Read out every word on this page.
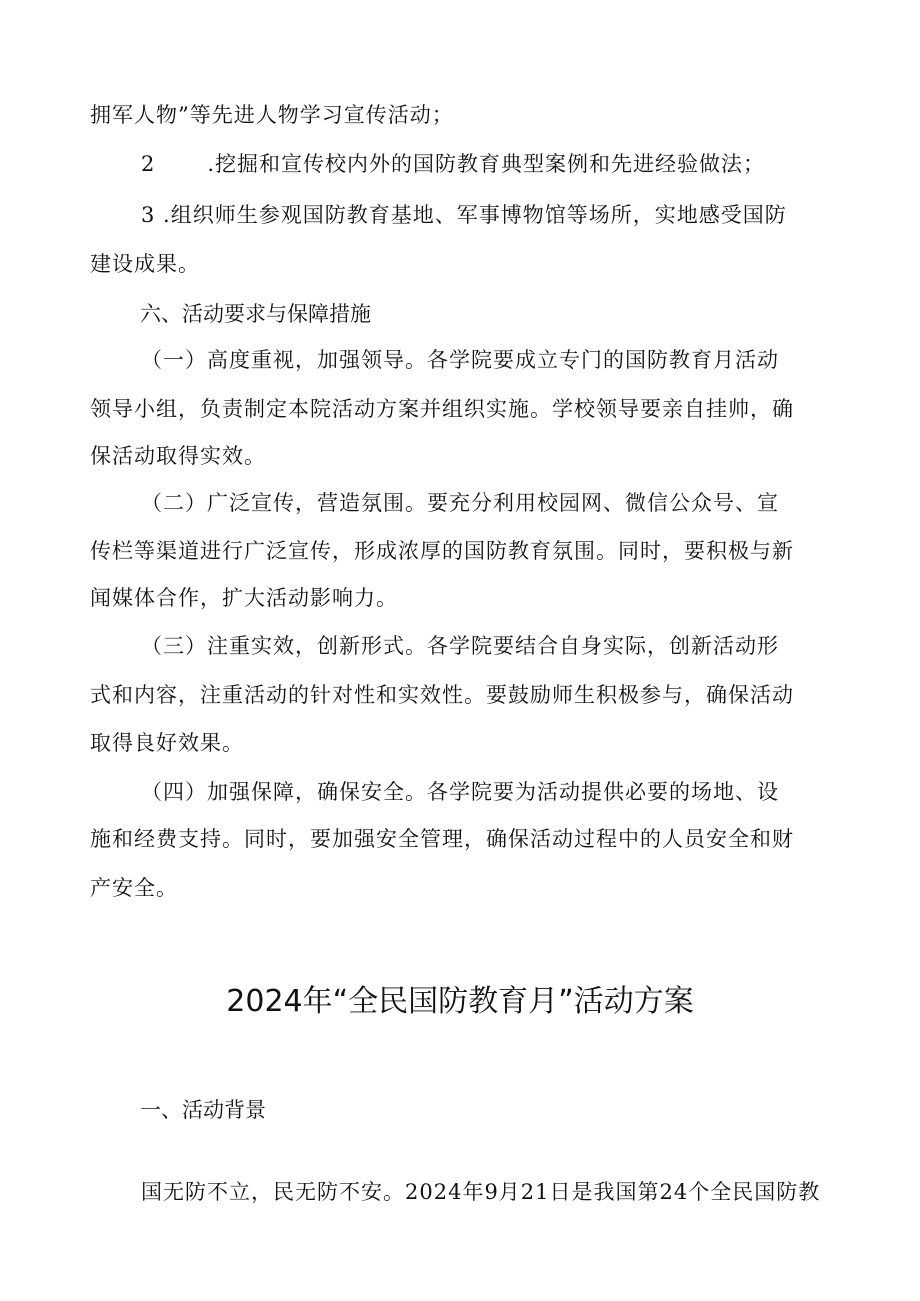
拥军人物”等先进人物学习宣传活动；
2 .挖掘和宣传校内外的国防教育典型案例和先进经验做法；
3 .组织师生参观国防教育基地、军事博物馆等场所，实地感受国防
建设成果。
六、活动要求与保障措施
（一）高度重视，加强领导。各学院要成立专门的国防教育月活动
领导小组，负责制定本院活动方案并组织实施。学校领导要亲自挂帅，确
保活动取得实效。
（二）广泛宣传，营造氛围。要充分利用校园网、微信公众号、宣
传栏等渠道进行广泛宣传，形成浓厚的国防教育氛围。同时，要积极与新
闻媒体合作，扩大活动影响力。
（三）注重实效，创新形式。各学院要结合自身实际，创新活动形
式和内容，注重活动的针对性和实效性。要鼓励师生积极参与，确保活动
取得良好效果。
（四）加强保障，确保安全。各学院要为活动提供必要的场地、设
施和经费支持。同时，要加强安全管理，确保活动过程中的人员安全和财
产安全。
2024年“全民国防教育月”活动方案
一、活动背景
国无防不立，民无防不安。2024年9月21日是我国第24个全民国防教
